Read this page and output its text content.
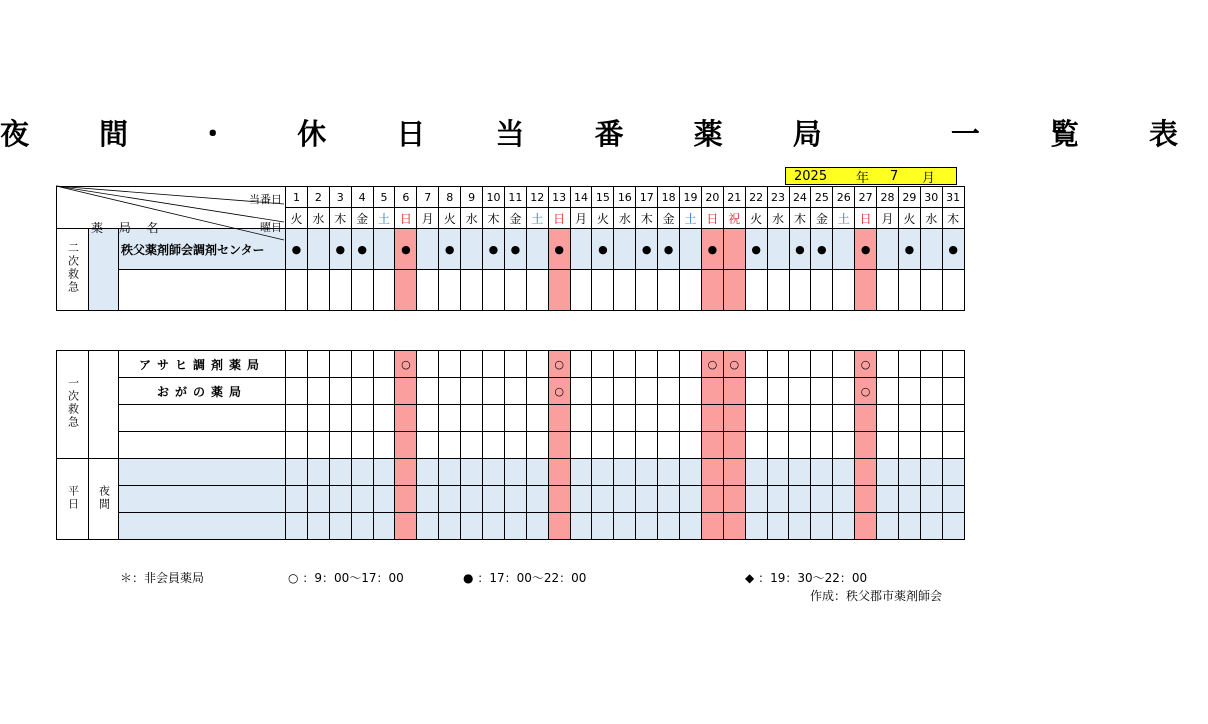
夜 間 ・ 休 日 当 番 薬 局 　一 覧 表
2025 年 7 月
当番日
曜日
薬 局 名			1	2	3	4	5	6	7	8	9	10	11	12	13	14	15	16	17	18	19	20	21	22	23	24	25	26	27	28	29	30	31
			火	水	木	金	土	日	月	火	水	木	金	土	日	月	火	水	木	金	土	日	祝	火	水	木	金	土	日	月	火	水	木
二次救急		秩父薬剤師会調剤センター	●		●	●		●		●		●	●		●		●		●	●		●		●		●	●		●		●		●

一次救急		アサヒ調剤薬局						○							○							○	○						○				
		おがの薬局													○														○				

平日	夜間																																

＊：非会員薬局	○ ：9：00～17：00	● ：17：00～22：00	◆ ：19：30～22：00
作成：秩父郡市薬剤師会
